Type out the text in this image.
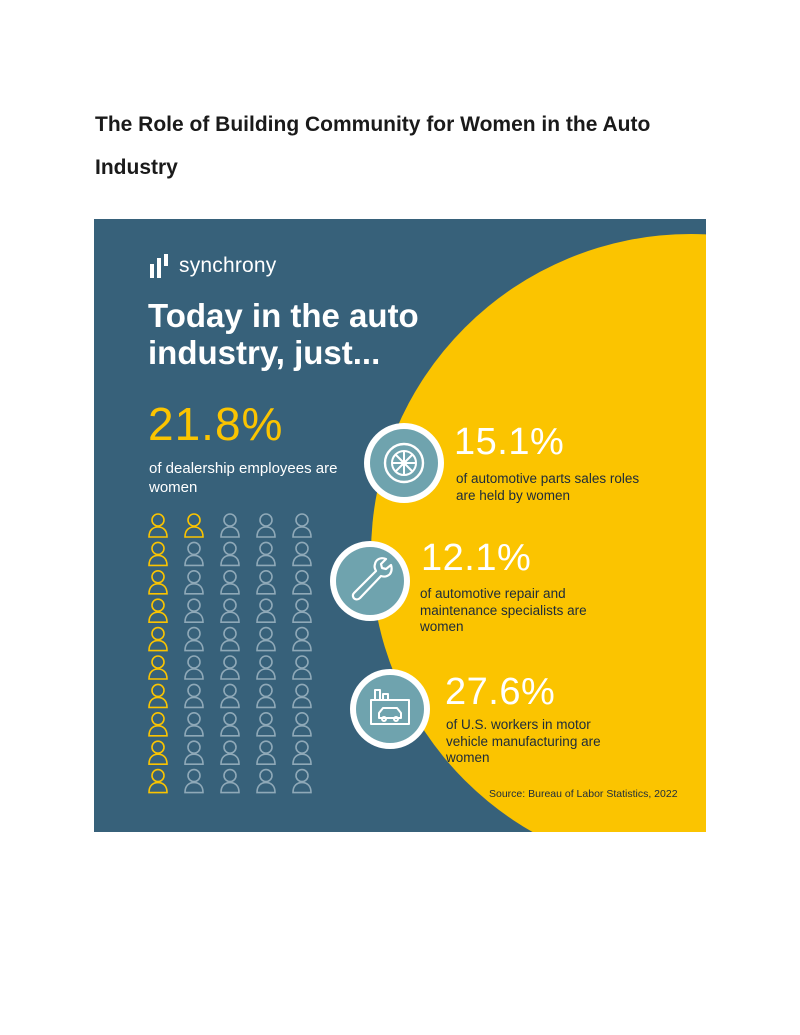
The Role of Building Community for Women in the Auto Industry
synchrony
Today in the auto industry, just...
21.8%
of dealership employees are women
15.1%
of automotive parts sales roles are held by women
12.1%
of automotive repair and maintenance specialists are women
27.6%
of U.S. workers in motor vehicle manufacturing are women
Source: Bureau of Labor Statistics, 2022
